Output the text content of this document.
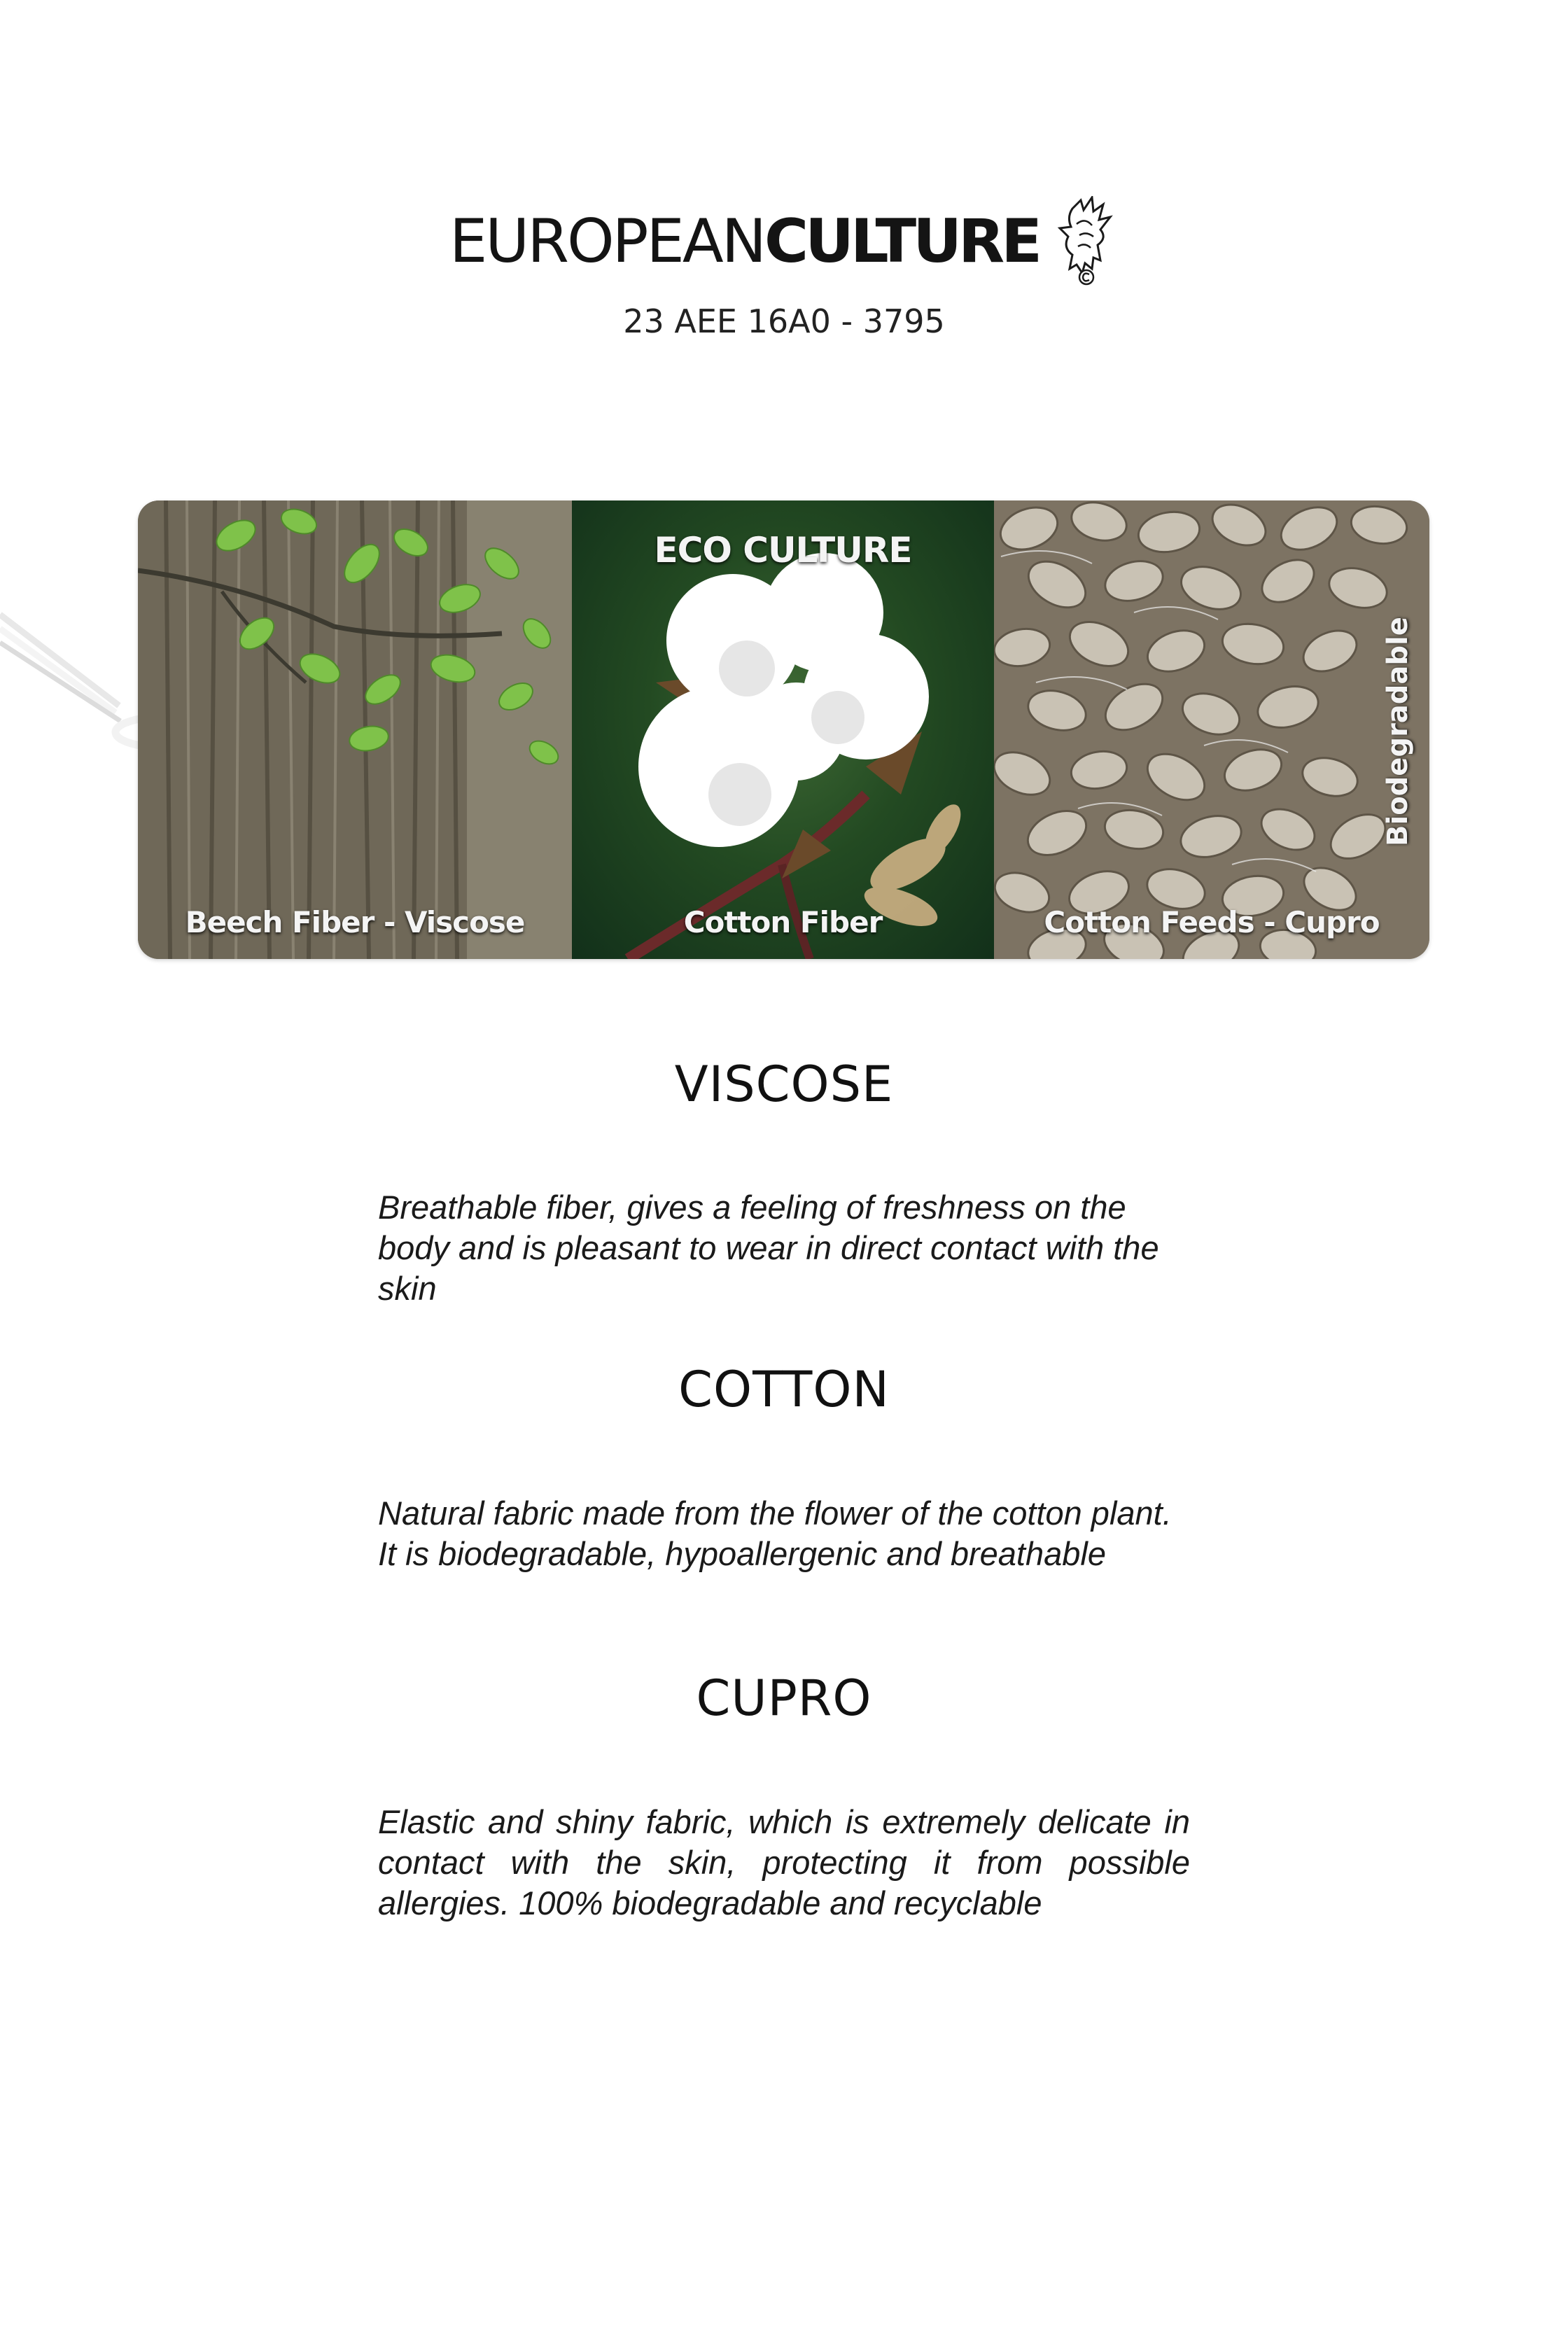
EUROPEANCULTURE
23 AEE 16A0 - 3795
Beech Fiber - Viscose
ECO CULTURE
Cotton Fiber
Biodegradable
Cotton Feeds - Cupro
VISCOSE

Breathable fiber, gives a feeling of freshness on the body and is pleasant to wear in direct contact with the skin

COTTON

Natural fabric made from the flower of the cotton plant. It is biodegradable, hypoallergenic and breathable

CUPRO

Elastic and shiny fabric, which is extremely delicate in contact with the skin, protecting it from possible allergies. 100% biodegradable and recyclable
